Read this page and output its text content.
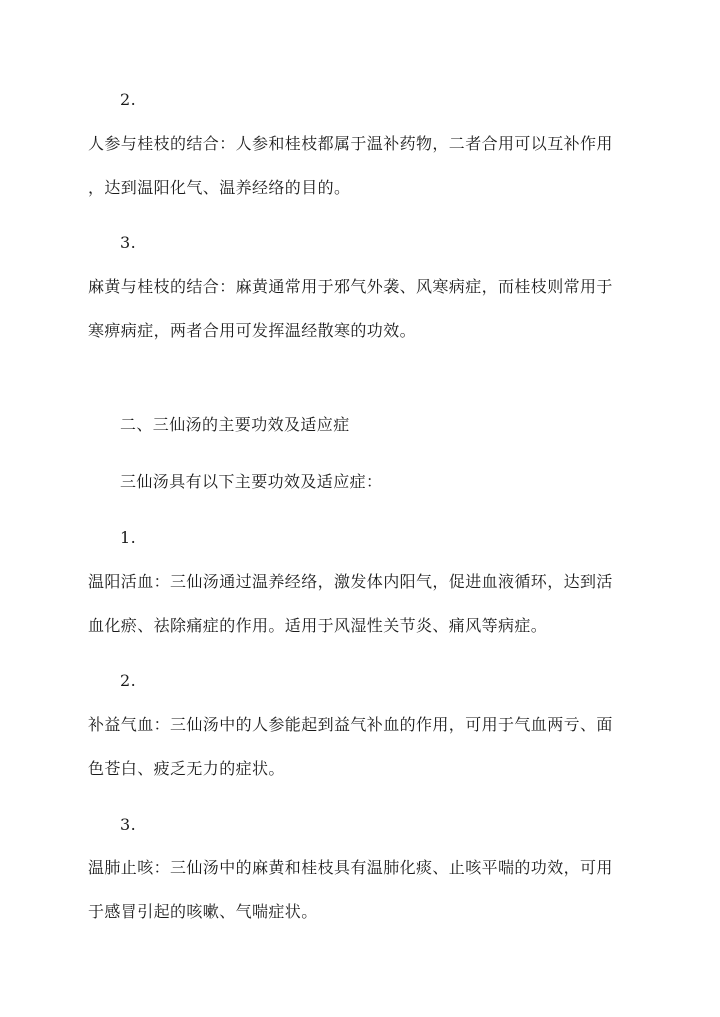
2.
人参与桂枝的结合：人参和桂枝都属于温补药物，二者合用可以互补作用
，达到温阳化气、温养经络的目的。
3.
麻黄与桂枝的结合：麻黄通常用于邪气外袭、风寒病症，而桂枝则常用于
寒痹病症，两者合用可发挥温经散寒的功效。
二、三仙汤的主要功效及适应症
三仙汤具有以下主要功效及适应症：
1.
温阳活血：三仙汤通过温养经络，激发体内阳气，促进血液循环，达到活
血化瘀、祛除痛症的作用。适用于风湿性关节炎、痛风等病症。
2.
补益气血：三仙汤中的人参能起到益气补血的作用，可用于气血两亏、面
色苍白、疲乏无力的症状。
3.
温肺止咳：三仙汤中的麻黄和桂枝具有温肺化痰、止咳平喘的功效，可用
于感冒引起的咳嗽、气喘症状。
